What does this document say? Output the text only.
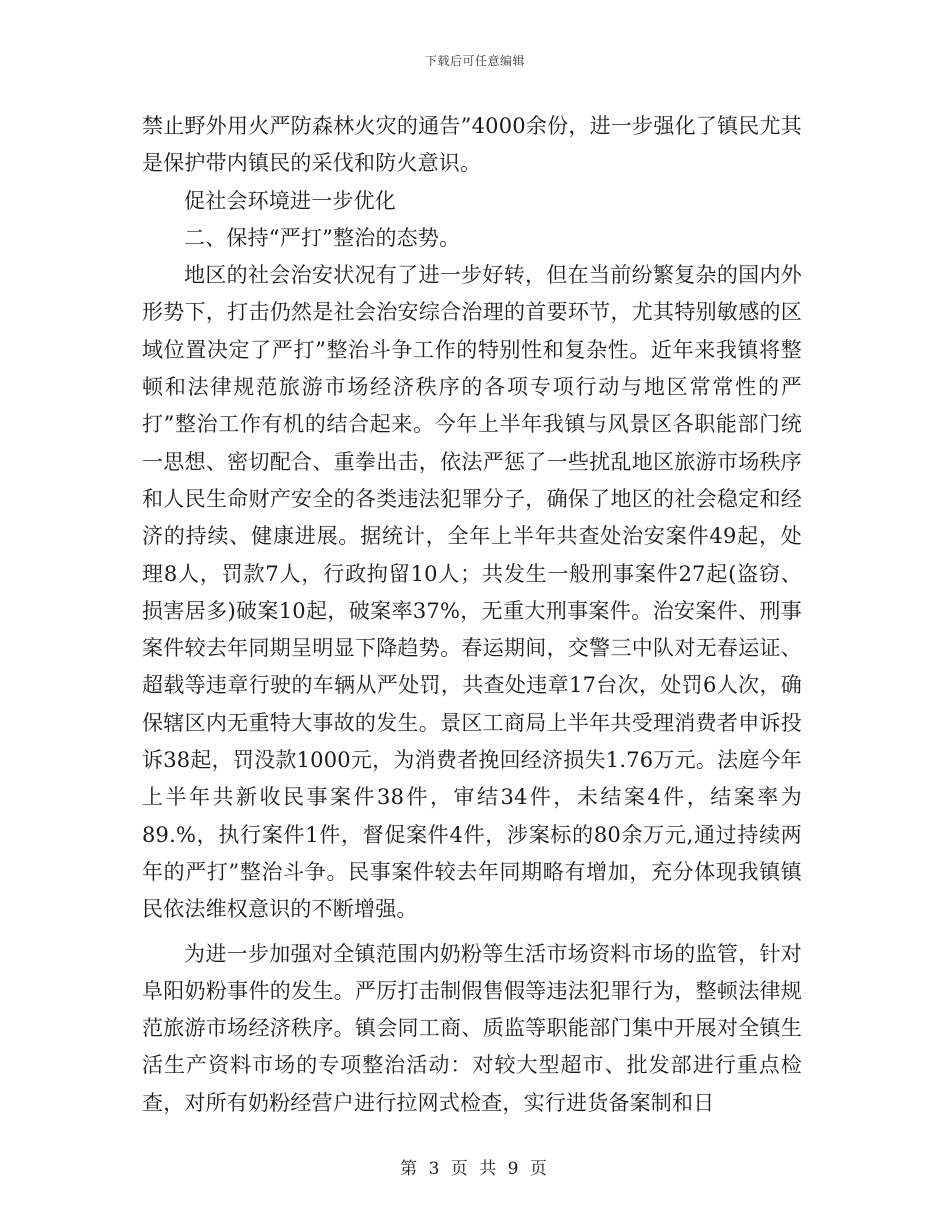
下载后可任意编辑

禁止野外用火严防森林火灾的通告”4000余份，进一步强化了镇民尤其是保护带内镇民的采伐和防火意识。

促社会环境进一步优化

二、保持“严打”整治的态势。

地区的社会治安状况有了进一步好转，但在当前纷繁复杂的国内外形势下，打击仍然是社会治安综合治理的首要环节，尤其特别敏感的区域位置决定了严打”整治斗争工作的特别性和复杂性。近年来我镇将整顿和法律规范旅游市场经济秩序的各项专项行动与地区常常性的严打”整治工作有机的结合起来。今年上半年我镇与风景区各职能部门统一思想、密切配合、重拳出击，依法严惩了一些扰乱地区旅游市场秩序和人民生命财产安全的各类违法犯罪分子，确保了地区的社会稳定和经济的持续、健康进展。据统计，全年上半年共查处治安案件49起，处理8人，罚款7人，行政拘留10人；共发生一般刑事案件27起(盗窃、损害居多)破案10起，破案率37%，无重大刑事案件。治安案件、刑事案件较去年同期呈明显下降趋势。春运期间，交警三中队对无春运证、超载等违章行驶的车辆从严处罚，共查处违章17台次，处罚6人次，确保辖区内无重特大事故的发生。景区工商局上半年共受理消费者申诉投诉38起，罚没款1000元，为消费者挽回经济损失1.76万元。法庭今年上半年共新收民事案件38件，审结34件，未结案4件，结案率为89.%，执行案件1件，督促案件4件，涉案标的80余万元,通过持续两年的严打”整治斗争。民事案件较去年同期略有增加，充分体现我镇镇民依法维权意识的不断增强。

为进一步加强对全镇范围内奶粉等生活市场资料市场的监管，针对阜阳奶粉事件的发生。严厉打击制假售假等违法犯罪行为，整顿法律规范旅游市场经济秩序。镇会同工商、质监等职能部门集中开展对全镇生活生产资料市场的专项整治活动：对较大型超市、批发部进行重点检查，对所有奶粉经营户进行拉网式检查，实行进货备案制和日

第 3 页 共 9 页
